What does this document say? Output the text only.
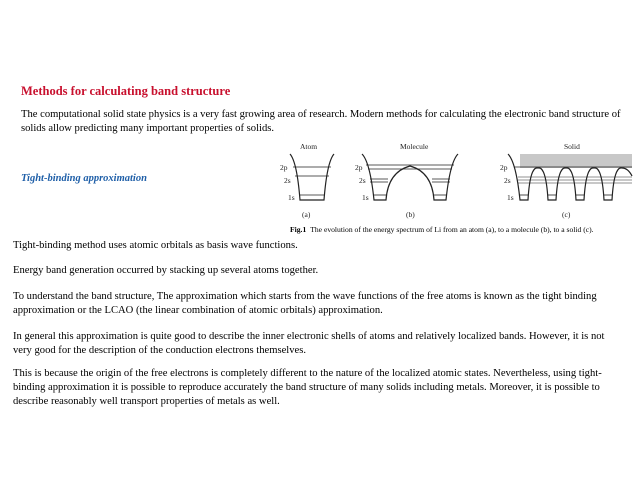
Methods for calculating band structure

The computational solid state physics is a very fast growing area of research. Modern methods for calculating the electronic band structure of solids allow predicting many important properties of solids.

Tight-binding approximation
Atom
2p
2s
1s
(a)
Molecule
2p
2s
1s
(b)
Solid
2p
2s
1s
(c)

Fig.1 The evolution of the energy spectrum of Li from an atom (a), to a molecule (b), to a solid (c).

Tight-binding method uses atomic orbitals as basis wave functions.

Energy band generation occurred by stacking up several atoms together.

To understand the band structure, The approximation which starts from the wave functions of the free atoms is known as the tight binding approximation or the LCAO (the linear combination of atomic orbitals) approximation.

In general this approximation is quite good to describe the inner electronic shells of atoms and relatively localized bands. However, it is not very good for the description of the conduction electrons themselves.

This is because the origin of the free electrons is completely different to the nature of the localized atomic states. Nevertheless, using tight-binding approximation it is possible to reproduce accurately the band structure of many solids including metals. Moreover, it is possible to describe reasonably well transport properties of metals as well.
